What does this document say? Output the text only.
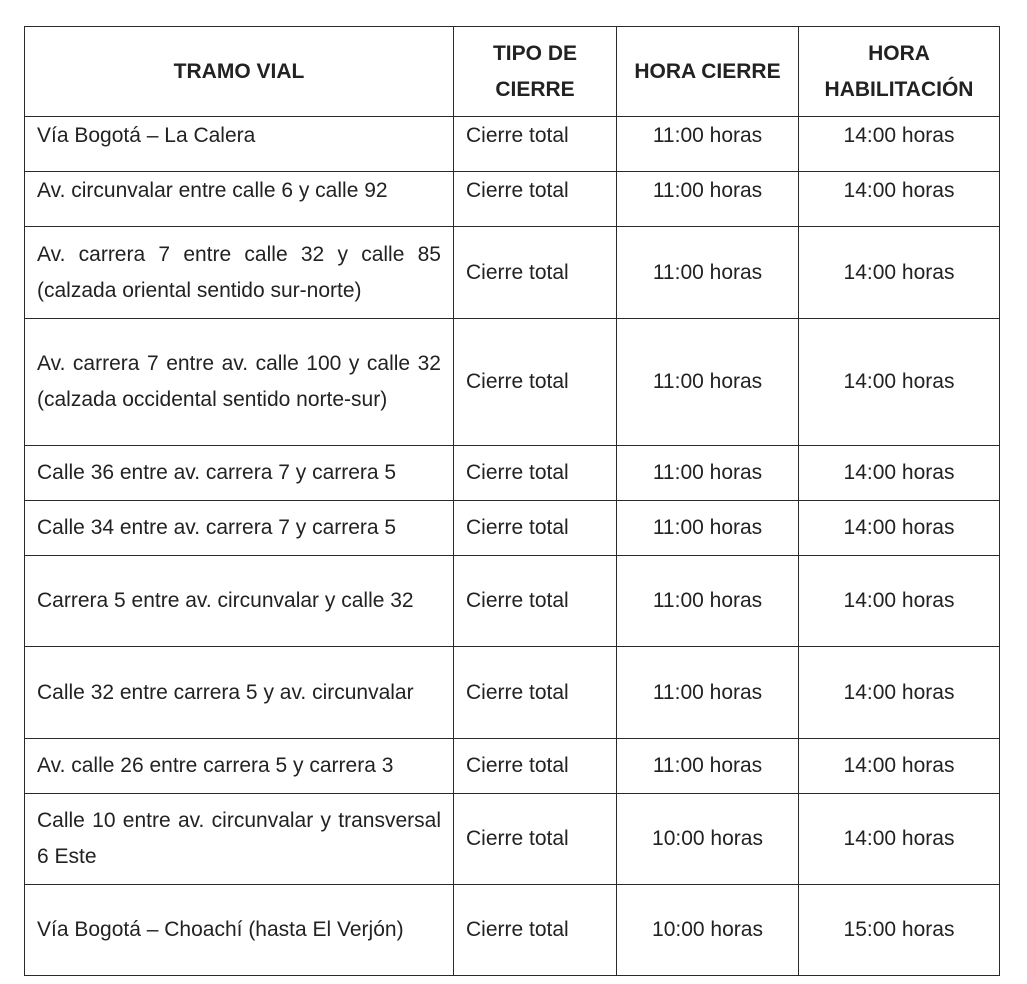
TRAMO VIAL	TIPO DE CIERRE	HORA CIERRE	HORA HABILITACIÓN
Vía Bogotá – La Calera	Cierre total	11:00 horas	14:00 horas
Av. circunvalar entre calle 6 y calle 92	Cierre total	11:00 horas	14:00 horas
Av. carrera 7 entre calle 32 y calle 85 (calzada oriental sentido sur-norte)	Cierre total	11:00 horas	14:00 horas
Av. carrera 7 entre av. calle 100 y calle 32 (calzada occidental sentido norte-sur)	Cierre total	11:00 horas	14:00 horas
Calle 36 entre av. carrera 7 y carrera 5	Cierre total	11:00 horas	14:00 horas
Calle 34 entre av. carrera 7 y carrera 5	Cierre total	11:00 horas	14:00 horas
Carrera 5 entre av. circunvalar y calle 32	Cierre total	11:00 horas	14:00 horas
Calle 32 entre carrera 5 y av. circunvalar	Cierre total	11:00 horas	14:00 horas
Av. calle 26 entre carrera 5 y carrera 3	Cierre total	11:00 horas	14:00 horas
Calle 10 entre av. circunvalar y transversal 6 Este	Cierre total	10:00 horas	14:00 horas
Vía Bogotá – Choachí (hasta El Verjón)	Cierre total	10:00 horas	15:00 horas
